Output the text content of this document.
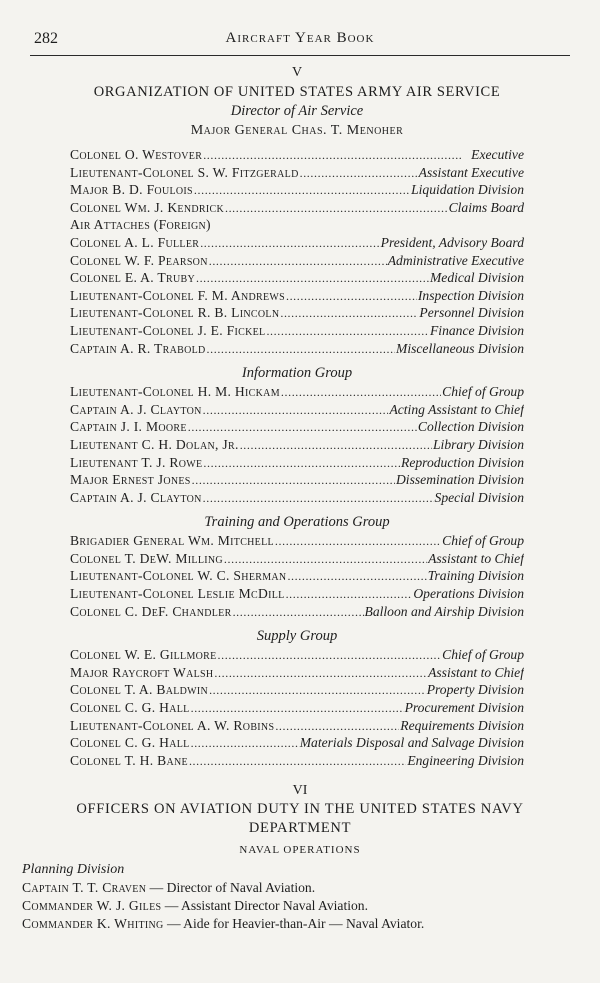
282	Aircraft Year Book
V
ORGANIZATION OF UNITED STATES ARMY AIR SERVICE
Director of Air Service
Major General Chas. T. Menoher
Colonel O. Westover . . .	Executive
Lieutenant-Colonel S. W. Fitzgerald . . .	Assistant Executive
Major B. D. Foulois . . .	Liquidation Division
Colonel Wm. J. Kendrick . . .	Claims Board
Air Attaches (Foreign)
Colonel A. L. Fuller . . .	President, Advisory Board
Colonel W. F. Pearson . . .	Administrative Executive
Colonel E. A. Truby . . .	Medical Division
Lieutenant-Colonel F. M. Andrews . . .	Inspection Division
Lieutenant-Colonel R. B. Lincoln . . .	Personnel Division
Lieutenant-Colonel J. E. Fickel . . .	Finance Division
Captain A. R. Trabold . . .	Miscellaneous Division
Information Group
Lieutenant-Colonel H. M. Hickam . . .	Chief of Group
Captain A. J. Clayton . . .	Acting Assistant to Chief
Captain J. I. Moore . . .	Collection Division
Lieutenant C. H. Dolan, Jr. . . .	Library Division
Lieutenant T. J. Rowe . . .	Reproduction Division
Major Ernest Jones . . .	Dissemination Division
Captain A. J. Clayton . . .	Special Division
Training and Operations Group
Brigadier General Wm. Mitchell . . .	Chief of Group
Colonel T. DeW. Milling . . .	Assistant to Chief
Lieutenant-Colonel W. C. Sherman . . .	Training Division
Lieutenant-Colonel Leslie McDill . . .	Operations Division
Colonel C. DeF. Chandler . . .	Balloon and Airship Division
Supply Group
Colonel W. E. Gillmore . . .	Chief of Group
Major Raycroft Walsh . . .	Assistant to Chief
Colonel T. A. Baldwin . . .	Property Division
Colonel C. G. Hall . . .	Procurement Division
Lieutenant-Colonel A. W. Robins . . .	Requirements Division
Colonel C. G. Hall . . .	Materials Disposal and Salvage Division
Colonel T. H. Bane . . .	Engineering Division
VI
OFFICERS ON AVIATION DUTY IN THE UNITED STATES NAVY
DEPARTMENT
NAVAL OPERATIONS
Planning Division
Captain T. T. Craven — Director of Naval Aviation.
Commander W. J. Giles — Assistant Director Naval Aviation.
Commander K. Whiting — Aide for Heavier-than-Air — Naval Aviator.
